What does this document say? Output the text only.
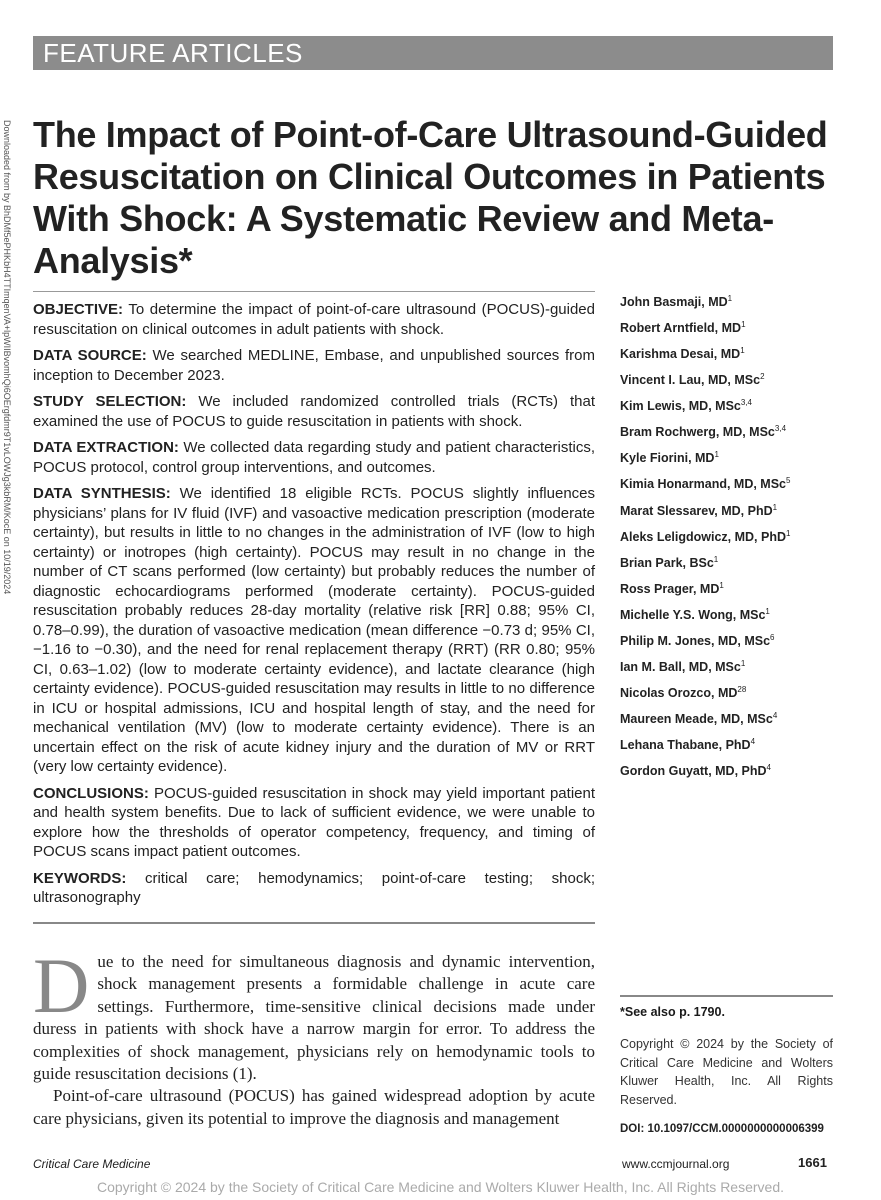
FEATURE ARTICLES
The Impact of Point-of-Care Ultrasound-Guided Resuscitation on Clinical Outcomes in Patients With Shock: A Systematic Review and Meta-Analysis*
Downloaded from by BhDMf5ePHKbH4TTImqenVA+lpWIIBvomhQi6OErgfdmr9T1vLOWJg3kbRM/KocE on 10/19/2024 OBJECTIVE: To determine the impact of point-of-care ultrasound (POCUS)-guided resuscitation on clinical outcomes in adult patients with shock.

DATA SOURCE: We searched MEDLINE, Embase, and unpublished sources from inception to December 2023.

STUDY SELECTION: We included randomized controlled trials (RCTs) that examined the use of POCUS to guide resuscitation in patients with shock.

DATA EXTRACTION: We collected data regarding study and patient characteristics, POCUS protocol, control group interventions, and outcomes.

DATA SYNTHESIS: We identified 18 eligible RCTs. POCUS slightly influences physicians’ plans for IV fluid (IVF) and vasoactive medication prescription (moderate certainty), but results in little to no changes in the administration of IVF (low to high certainty) or inotropes (high certainty). POCUS may result in no change in the number of CT scans performed (low certainty) but probably reduces the number of diagnostic echocardiograms performed (moderate certainty). POCUS-guided resuscitation probably reduces 28-day mortality (relative risk [RR] 0.88; 95% CI, 0.78–0.99), the duration of vasoactive medication (mean difference −0.73 d; 95% CI, −1.16 to −0.30), and the need for renal replacement therapy (RRT) (RR 0.80; 95% CI, 0.63–1.02) (low to moderate certainty evidence), and lactate clearance (high certainty evidence). POCUS-guided resuscitation may results in little to no difference in ICU or hospital admissions, ICU and hospital length of stay, and the need for mechanical ventilation (MV) (low to moderate certainty evidence). There is an uncertain effect on the risk of acute kidney injury and the duration of MV or RRT (very low certainty evidence).

CONCLUSIONS: POCUS-guided resuscitation in shock may yield important patient and health system benefits. Due to lack of sufficient evidence, we were unable to explore how the thresholds of operator competency, frequency, and timing of POCUS scans impact patient outcomes.

KEYWORDS: critical care; hemodynamics; point-of-care testing; shock; ultrasonography

John Basmaji, $MD^1$
Robert Arntfield, $MD^1$
Karishma Desai, $MD^1$
Vincent I. Lau, MD, MSc$^2$
Kim Lewis, MD, MSc$^{3,4}$
Bram Rochwerg, MD, MSc$^{3,4}$
Kyle Fiorini, $MD^1$
Kimia Honarmand, MD, MSc$^5$
Marat Slessarev, MD, PhD$^1$
Aleks Leligdowicz, MD, PhD$^1$
Brian Park, BSc$^1$
Ross Prager, $MD^1$
Michelle Y.S. Wong, MSc$^1$
Philip M. Jones, MD, MSc$^6$
Ian M. Ball, MD, MSc$^1$
Nicolas Orozco, MD$^{28}$
Maureen Meade, MD, MSc$^4$
Lehana Thabane, PhD$^4$
Gordon Guyatt, MD, PhD$^4$

Due to the need for simultaneous diagnosis and dynamic intervention, shock management presents a formidable challenge in acute care settings. Furthermore, time-sensitive clinical decisions made under duress in patients with shock have a narrow margin for error. To address the complexities of shock management, physicians rely on hemodynamic tools to guide resuscitation decisions (1).

Point-of-care ultrasound (POCUS) has gained widespread adoption by acute care physicians, given its potential to improve the diagnosis and management

*See also p. 1790.
Copyright © 2024 by the Society of Critical Care Medicine and Wolters Kluwer Health, Inc. All Rights Reserved.
DOI: 10.1097/CCM.0000000000006399
Critical Care Medicine	www.ccmjournal.org	1661
Copyright © 2024 by the Society of Critical Care Medicine and Wolters Kluwer Health, Inc. All Rights Reserved.
